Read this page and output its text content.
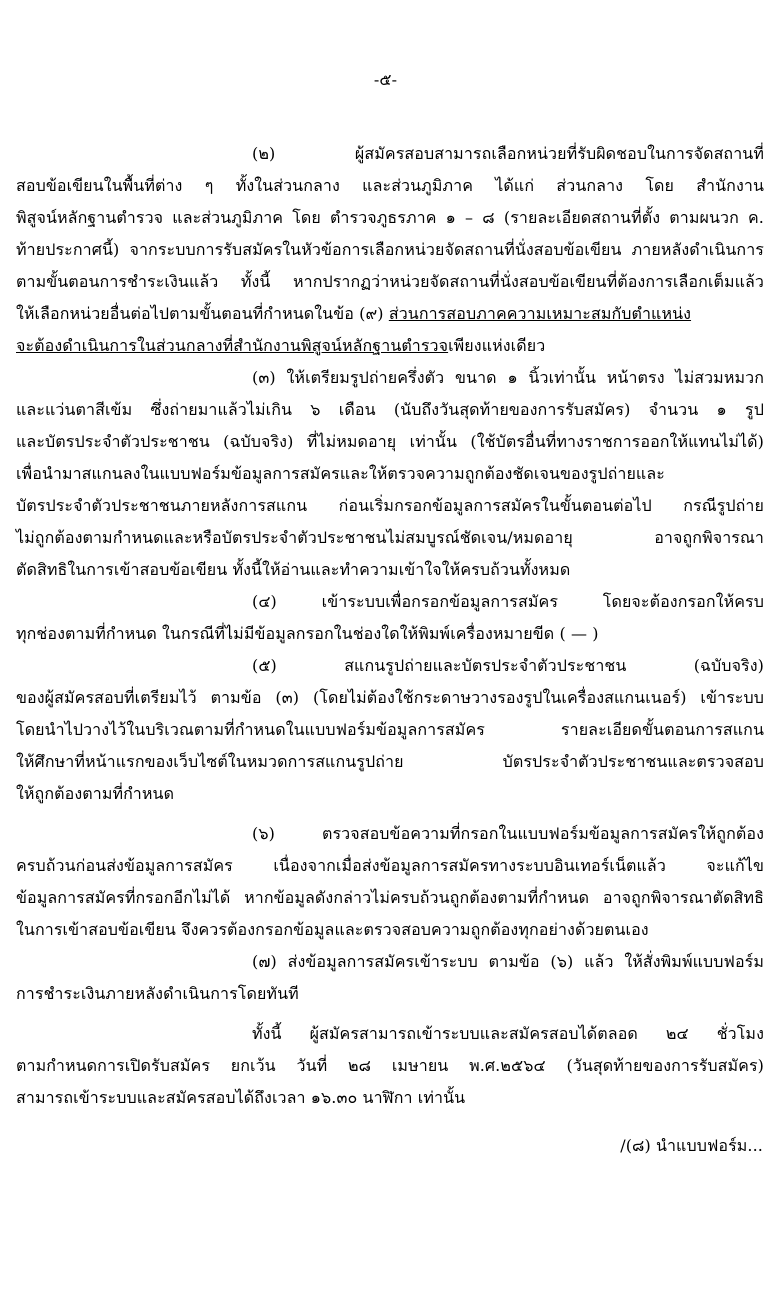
-๕-
(๒) ผู้สมัครสอบสามารถเลือกหน่วยที่รับผิดชอบในการจัดสถานที่
สอบข้อเขียนในพื้นที่ต่าง ๆ ทั้งในส่วนกลาง และส่วนภูมิภาค ได้แก่ ส่วนกลาง โดย สำนักงาน
พิสูจน์หลักฐานตำรวจ และส่วนภูมิภาค โดย ตำรวจภูธรภาค ๑ – ๘ (รายละเอียดสถานที่ตั้ง ตามผนวก ค.
ท้ายประกาศนี้) จากระบบการรับสมัครในหัวข้อการเลือกหน่วยจัดสถานที่นั่งสอบข้อเขียน ภายหลังดำเนินการ
ตามขั้นตอนการชำระเงินแล้ว ทั้งนี้ หากปรากฏว่าหน่วยจัดสถานที่นั่งสอบข้อเขียนที่ต้องการเลือกเต็มแล้ว
ให้เลือกหน่วยอื่นต่อไปตามขั้นตอนที่กำหนดในข้อ (๙) ส่วนการสอบภาคความเหมาะสมกับตำแหน่ง
จะต้องดำเนินการในส่วนกลางที่สำนักงานพิสูจน์หลักฐานตำรวจเพียงแห่งเดียว
(๓) ให้เตรียมรูปถ่ายครึ่งตัว ขนาด ๑ นิ้วเท่านั้น หน้าตรง ไม่สวมหมวก
และแว่นตาสีเข้ม ซึ่งถ่ายมาแล้วไม่เกิน ๖ เดือน (นับถึงวันสุดท้ายของการรับสมัคร) จำนวน ๑ รูป
และบัตรประจำตัวประชาชน (ฉบับจริง) ที่ไม่หมดอายุ เท่านั้น (ใช้บัตรอื่นที่ทางราชการออกให้แทนไม่ได้)
เพื่อนำมาสแกนลงในแบบฟอร์มข้อมูลการสมัครและให้ตรวจความถูกต้องชัดเจนของรูปถ่ายและ
บัตรประจำตัวประชาชนภายหลังการสแกน ก่อนเริ่มกรอกข้อมูลการสมัครในขั้นตอนต่อไป กรณีรูปถ่าย
ไม่ถูกต้องตามกำหนดและหรือบัตรประจำตัวประชาชนไม่สมบูรณ์ชัดเจน/หมดอายุ อาจถูกพิจารณา
ตัดสิทธิในการเข้าสอบข้อเขียน ทั้งนี้ให้อ่านและทำความเข้าใจให้ครบถ้วนทั้งหมด
(๔) เข้าระบบเพื่อกรอกข้อมูลการสมัคร โดยจะต้องกรอกให้ครบ
ทุกช่องตามที่กำหนด ในกรณีที่ไม่มีข้อมูลกรอกในช่องใดให้พิมพ์เครื่องหมายขีด ( — )
(๕) สแกนรูปถ่ายและบัตรประจำตัวประชาชน (ฉบับจริง)
ของผู้สมัครสอบที่เตรียมไว้ ตามข้อ (๓) (โดยไม่ต้องใช้กระดาษวางรองรูปในเครื่องสแกนเนอร์) เข้าระบบ
โดยนำไปวางไว้ในบริเวณตามที่กำหนดในแบบฟอร์มข้อมูลการสมัคร รายละเอียดขั้นตอนการสแกน
ให้ศึกษาที่หน้าแรกของเว็บไซต์ในหมวดการสแกนรูปถ่าย บัตรประจำตัวประชาชนและตรวจสอบ
ให้ถูกต้องตามที่กำหนด
(๖) ตรวจสอบข้อความที่กรอกในแบบฟอร์มข้อมูลการสมัครให้ถูกต้อง
ครบถ้วนก่อนส่งข้อมูลการสมัคร เนื่องจากเมื่อส่งข้อมูลการสมัครทางระบบอินเทอร์เน็ตแล้ว จะแก้ไข
ข้อมูลการสมัครที่กรอกอีกไม่ได้ หากข้อมูลดังกล่าวไม่ครบถ้วนถูกต้องตามที่กำหนด อาจถูกพิจารณาตัดสิทธิ
ในการเข้าสอบข้อเขียน จึงควรต้องกรอกข้อมูลและตรวจสอบความถูกต้องทุกอย่างด้วยตนเอง
(๗) ส่งข้อมูลการสมัครเข้าระบบ ตามข้อ (๖) แล้ว ให้สั่งพิมพ์แบบฟอร์ม
การชำระเงินภายหลังดำเนินการโดยทันที
ทั้งนี้ ผู้สมัครสามารถเข้าระบบและสมัครสอบได้ตลอด ๒๔ ชั่วโมง
ตามกำหนดการเปิดรับสมัคร ยกเว้น วันที่ ๒๘ เมษายน พ.ศ.๒๕๖๔ (วันสุดท้ายของการรับสมัคร)
สามารถเข้าระบบและสมัครสอบได้ถึงเวลา ๑๖.๓๐ นาฬิกา เท่านั้น
/(๘) นำแบบฟอร์ม...
